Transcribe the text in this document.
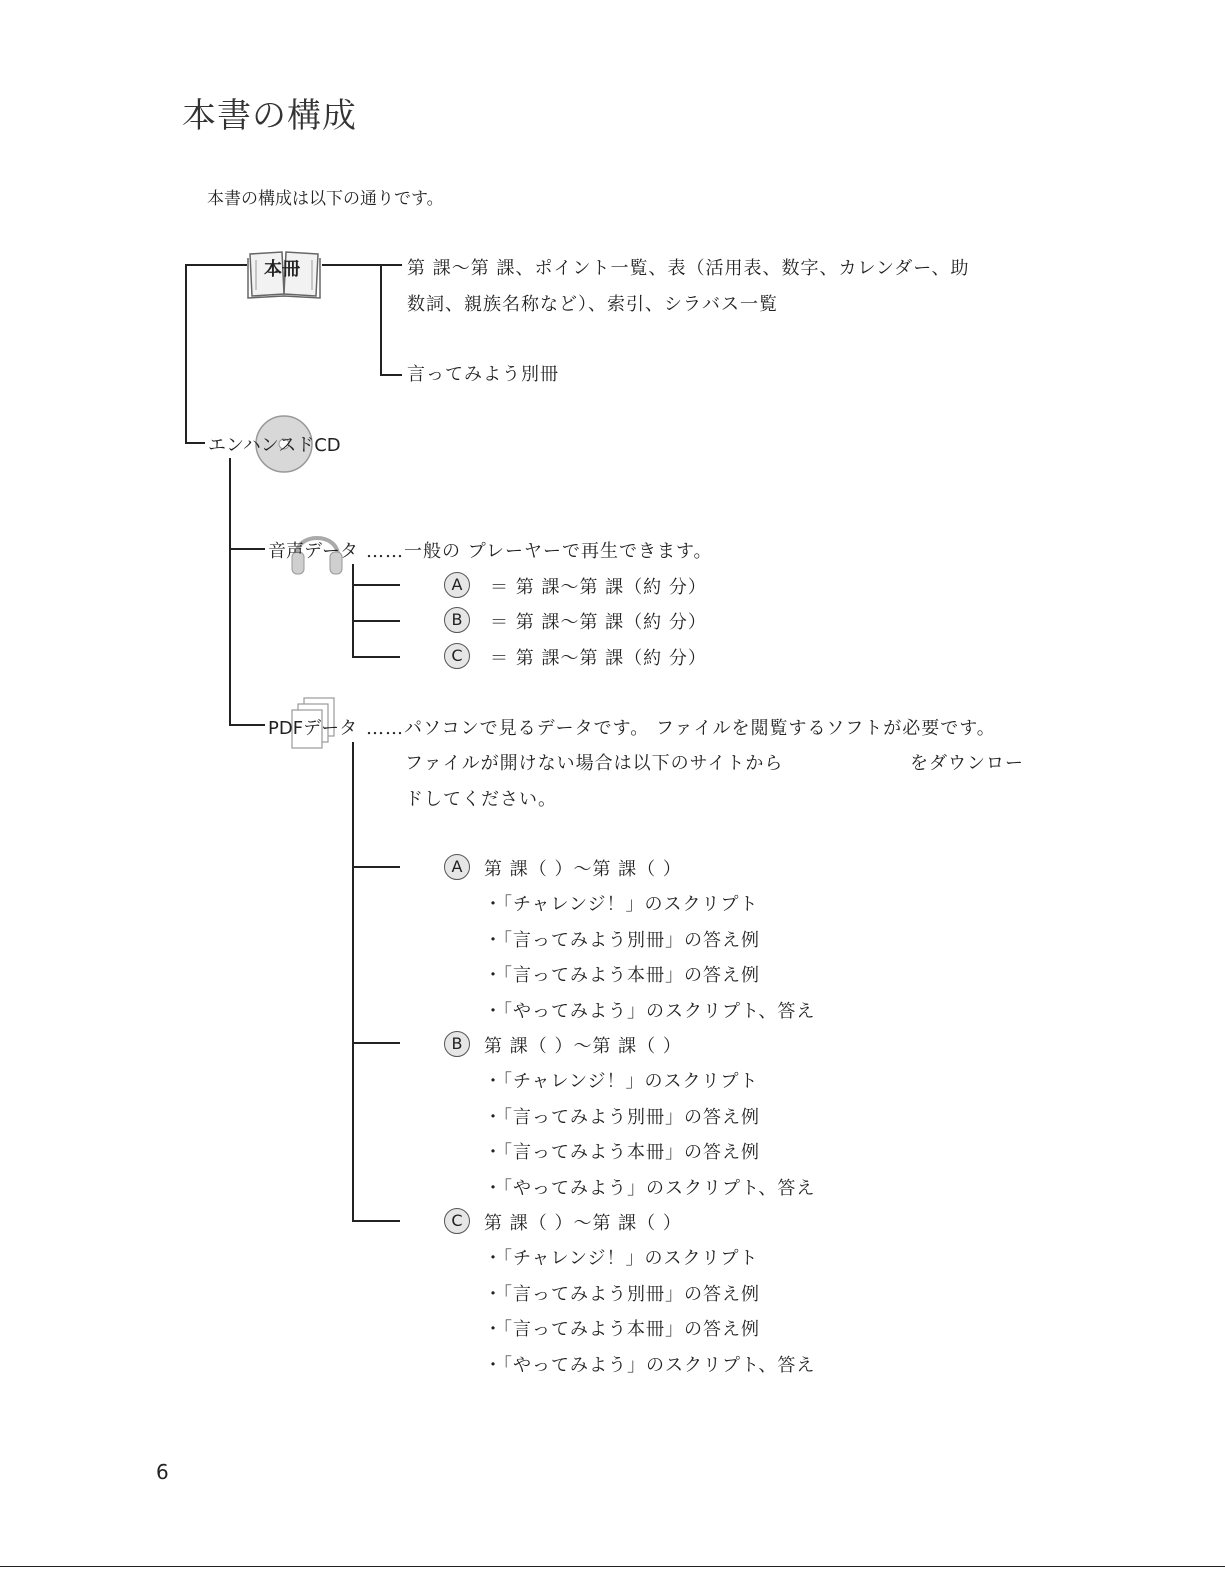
本書の構成
本書の構成は以下の通りです。
本冊	第 課～第 課、ポイント一覧、表（活用表、数字、カレンダー、助
数詞、親族名称など）、索引、シラバス一覧
言ってみよう別冊
エンハンスドCD
音声データ ……一般の プレーヤーで再生できます。
A	＝ 第 課～第 課（約 分）
B	＝ 第 課～第 課（約 分）
C	＝ 第 課～第 課（約 分）
PDFデータ ……パソコンで見るデータです。 ファイルを閲覧するソフトが必要です。
ファイルが開けない場合は以下のサイトから	をダウンロー
ドしてください。
A	第 課（ ）～第 課（ ）
・「チャレンジ！」のスクリプト
・「言ってみよう別冊」の答え例
・「言ってみよう本冊」の答え例
・「やってみよう」のスクリプト、答え
B	第 課（ ）～第 課（ ）
・「チャレンジ！」のスクリプト
・「言ってみよう別冊」の答え例
・「言ってみよう本冊」の答え例
・「やってみよう」のスクリプト、答え
C	第 課（ ）～第 課（ ）
・「チャレンジ！」のスクリプト
・「言ってみよう別冊」の答え例
・「言ってみよう本冊」の答え例
・「やってみよう」のスクリプト、答え
6
